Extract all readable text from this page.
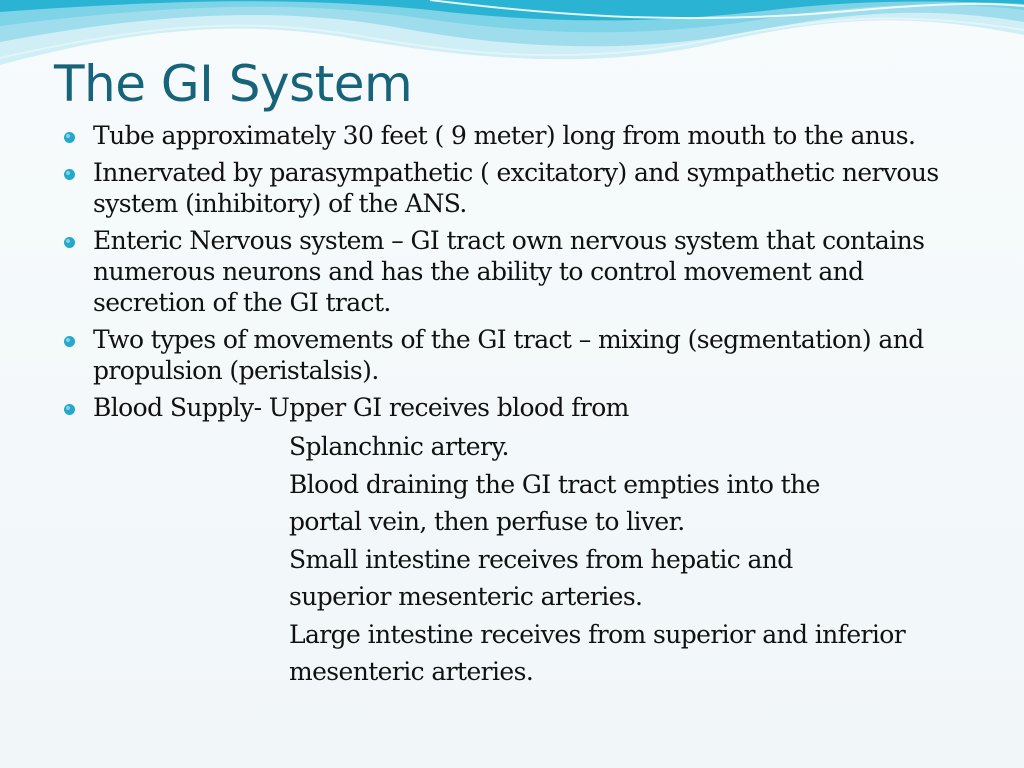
The GI System
Tube approximately 30 feet ( 9 meter) long from mouth to the anus.
Innervated by parasympathetic ( excitatory) and sympathetic nervous system (inhibitory) of the ANS.
Enteric Nervous system – GI tract own nervous system that contains numerous neurons and has the ability to control movement and secretion of the GI tract.
Two types of movements of the GI tract – mixing (segmentation) and propulsion (peristalsis).
Blood Supply- Upper GI receives blood from
Splanchnic artery.
Blood draining the GI tract empties into the
portal vein, then perfuse to liver.
Small intestine receives from hepatic and
superior mesenteric arteries.
Large intestine receives from superior and inferior
mesenteric arteries.
